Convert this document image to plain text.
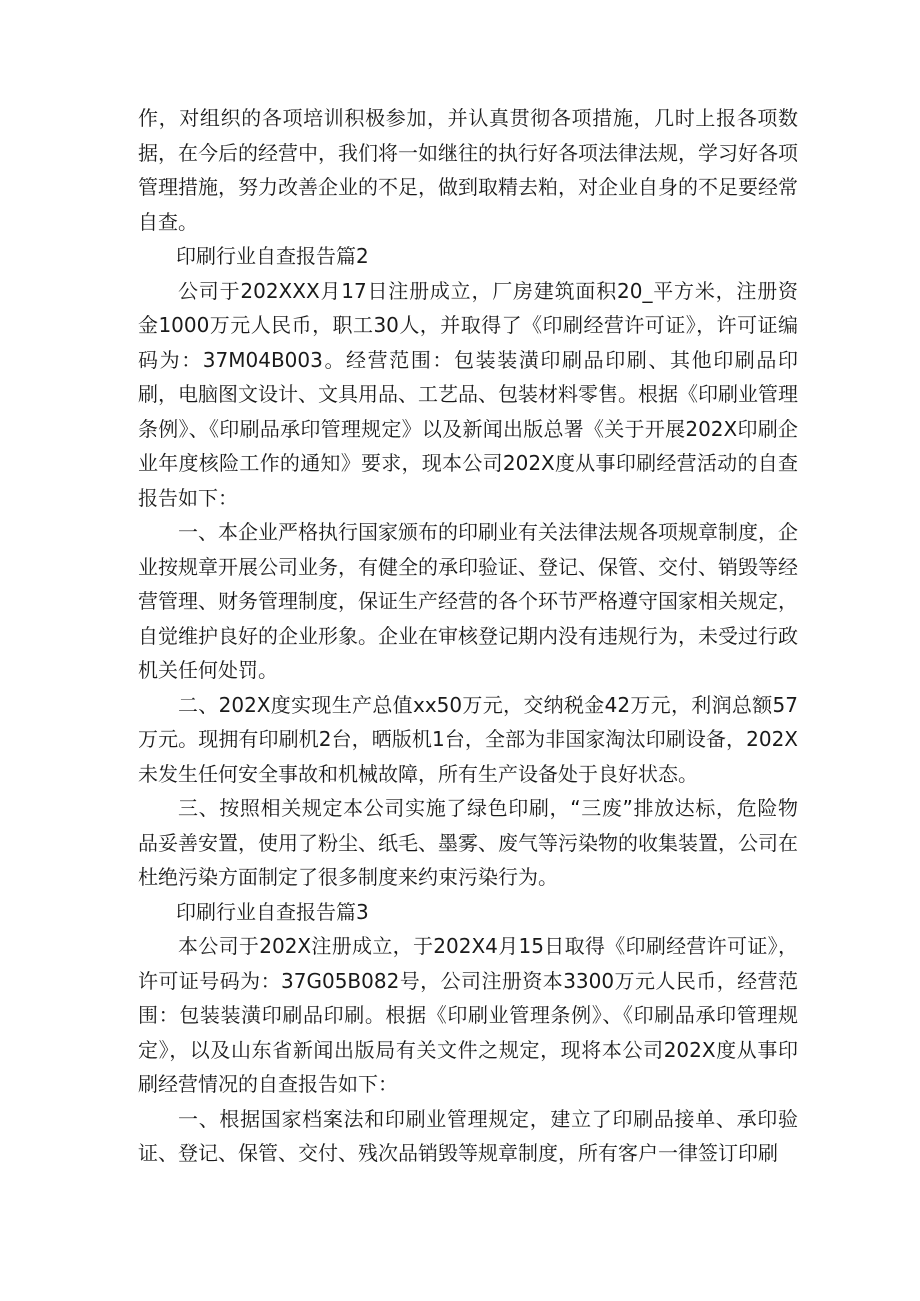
作，对组织的各项培训积极参加，并认真贯彻各项措施，几时上报各项数据，在今后的经营中，我们将一如继往的执行好各项法律法规，学习好各项管理措施，努力改善企业的不足，做到取精去粕，对企业自身的不足要经常自查。

印刷行业自查报告篇2

公司于202XXX月17日注册成立，厂房建筑面积20_平方米，注册资金1000万元人民币，职工30人，并取得了《印刷经营许可证》，许可证编码为：37M04B003。经营范围：包装装潢印刷品印刷、其他印刷品印刷，电脑图文设计、文具用品、工艺品、包装材料零售。根据《印刷业管理条例》、《印刷品承印管理规定》以及新闻出版总署《关于开展202X印刷企业年度核险工作的通知》要求，现本公司202X度从事印刷经营活动的自查报告如下：

一、本企业严格执行国家颁布的印刷业有关法律法规各项规章制度，企业按规章开展公司业务，有健全的承印验证、登记、保管、交付、销毁等经营管理、财务管理制度，保证生产经营的各个环节严格遵守国家相关规定，自觉维护良好的企业形象。企业在审核登记期内没有违规行为，未受过行政机关任何处罚。

二、202X度实现生产总值xx50万元，交纳税金42万元，利润总额57万元。现拥有印刷机2台，晒版机1台，全部为非国家淘汰印刷设备，202X未发生任何安全事故和机械故障，所有生产设备处于良好状态。

三、按照相关规定本公司实施了绿色印刷，“三废”排放达标，危险物品妥善安置，使用了粉尘、纸毛、墨雾、废气等污染物的收集装置，公司在杜绝污染方面制定了很多制度来约束污染行为。

印刷行业自查报告篇3

本公司于202X注册成立，于202X4月15日取得《印刷经营许可证》，许可证号码为：37G05B082号，公司注册资本3300万元人民币，经营范围：包装装潢印刷品印刷。根据《印刷业管理条例》、《印刷品承印管理规定》，以及山东省新闻出版局有关文件之规定，现将本公司202X度从事印刷经营情况的自查报告如下：

一、根据国家档案法和印刷业管理规定，建立了印刷品接单、承印验证、登记、保管、交付、残次品销毁等规章制度，所有客户一律签订印刷
